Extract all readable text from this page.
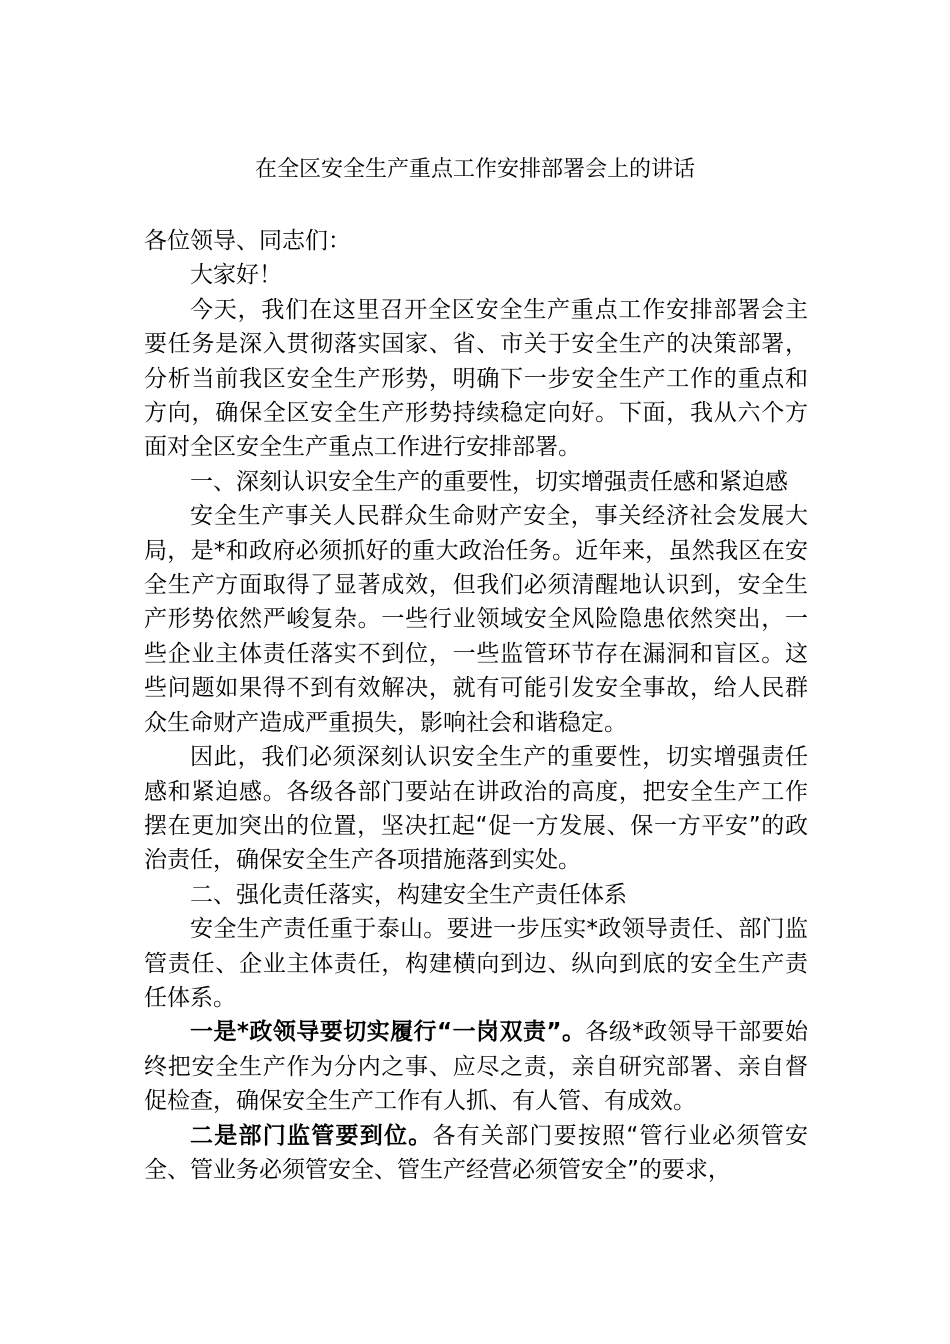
在全区安全生产重点工作安排部署会上的讲话

各位领导、同志们：

大家好！

今天，我们在这里召开全区安全生产重点工作安排部署会主要任务是深入贯彻落实国家、省、市关于安全生产的决策部署，分析当前我区安全生产形势，明确下一步安全生产工作的重点和方向，确保全区安全生产形势持续稳定向好。下面，我从六个方面对全区安全生产重点工作进行安排部署。

一、深刻认识安全生产的重要性，切实增强责任感和紧迫感

安全生产事关人民群众生命财产安全，事关经济社会发展大局，是*和政府必须抓好的重大政治任务。近年来，虽然我区在安全生产方面取得了显著成效，但我们必须清醒地认识到，安全生产形势依然严峻复杂。一些行业领域安全风险隐患依然突出，一些企业主体责任落实不到位，一些监管环节存在漏洞和盲区。这些问题如果得不到有效解决，就有可能引发安全事故，给人民群众生命财产造成严重损失，影响社会和谐稳定。

因此，我们必须深刻认识安全生产的重要性，切实增强责任感和紧迫感。各级各部门要站在讲政治的高度，把安全生产工作摆在更加突出的位置，坚决扛起“促一方发展、保一方平安”的政治责任，确保安全生产各项措施落到实处。

二、强化责任落实，构建安全生产责任体系

安全生产责任重于泰山。要进一步压实*政领导责任、部门监管责任、企业主体责任，构建横向到边、纵向到底的安全生产责任体系。

一是*政领导要切实履行“一岗双责”。各级*政领导干部要始终把安全生产作为分内之事、应尽之责，亲自研究部署、亲自督促检查，确保安全生产工作有人抓、有人管、有成效。

二是部门监管要到位。各有关部门要按照“管行业必须管安全、管业务必须管安全、管生产经营必须管安全”的要求，
